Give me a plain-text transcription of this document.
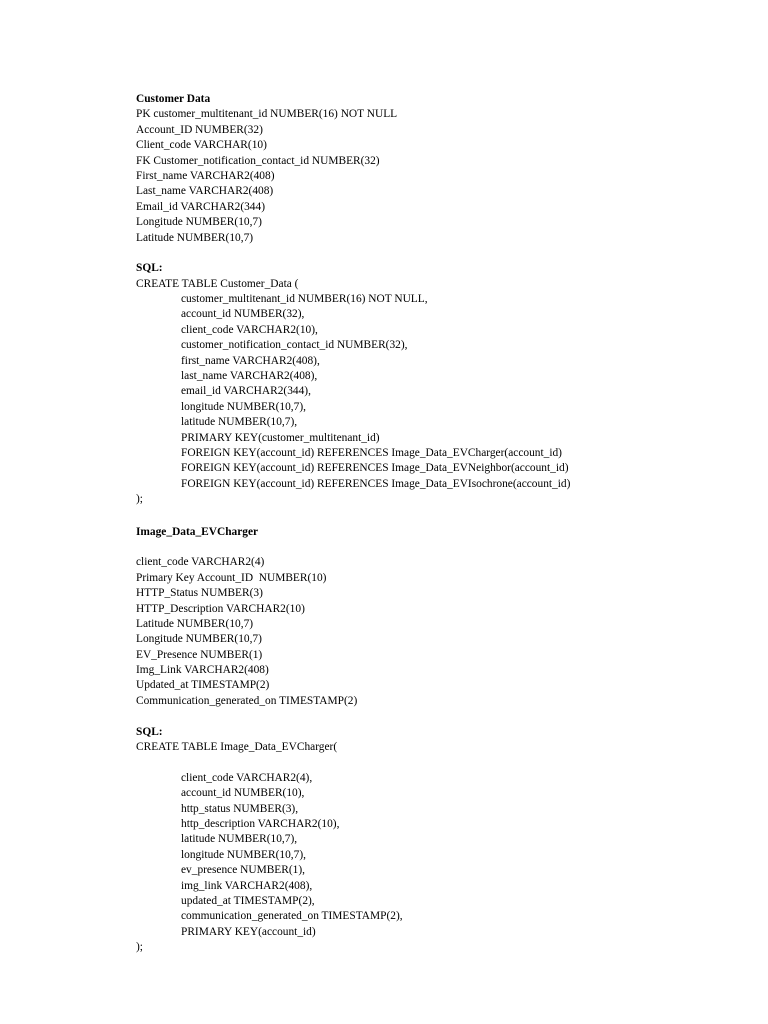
Customer Data
PK customer_multitenant_id NUMBER(16) NOT NULL
Account_ID NUMBER(32)
Client_code VARCHAR(10)
FK Customer_notification_contact_id NUMBER(32)
First_name VARCHAR2(408)
Last_name VARCHAR2(408)
Email_id VARCHAR2(344)
Longitude NUMBER(10,7)
Latitude NUMBER(10,7)
SQL:
CREATE TABLE Customer_Data (
customer_multitenant_id NUMBER(16) NOT NULL,
account_id NUMBER(32),
client_code VARCHAR2(10),
customer_notification_contact_id NUMBER(32),
first_name VARCHAR2(408),
last_name VARCHAR2(408),
email_id VARCHAR2(344),
longitude NUMBER(10,7),
latitude NUMBER(10,7),
PRIMARY KEY(customer_multitenant_id)
FOREIGN KEY(account_id) REFERENCES Image_Data_EVCharger(account_id)
FOREIGN KEY(account_id) REFERENCES Image_Data_EVNeighbor(account_id)
FOREIGN KEY(account_id) REFERENCES Image_Data_EVIsochrone(account_id)
);
Image_Data_EVCharger
client_code VARCHAR2(4)
Primary Key Account_ID  NUMBER(10)
HTTP_Status NUMBER(3)
HTTP_Description VARCHAR2(10)
Latitude NUMBER(10,7)
Longitude NUMBER(10,7)
EV_Presence NUMBER(1)
Img_Link VARCHAR2(408)
Updated_at TIMESTAMP(2)
Communication_generated_on TIMESTAMP(2)
SQL:
CREATE TABLE Image_Data_EVCharger(
client_code VARCHAR2(4),
account_id NUMBER(10),
http_status NUMBER(3),
http_description VARCHAR2(10),
latitude NUMBER(10,7),
longitude NUMBER(10,7),
ev_presence NUMBER(1),
img_link VARCHAR2(408),
updated_at TIMESTAMP(2),
communication_generated_on TIMESTAMP(2),
PRIMARY KEY(account_id)
);
